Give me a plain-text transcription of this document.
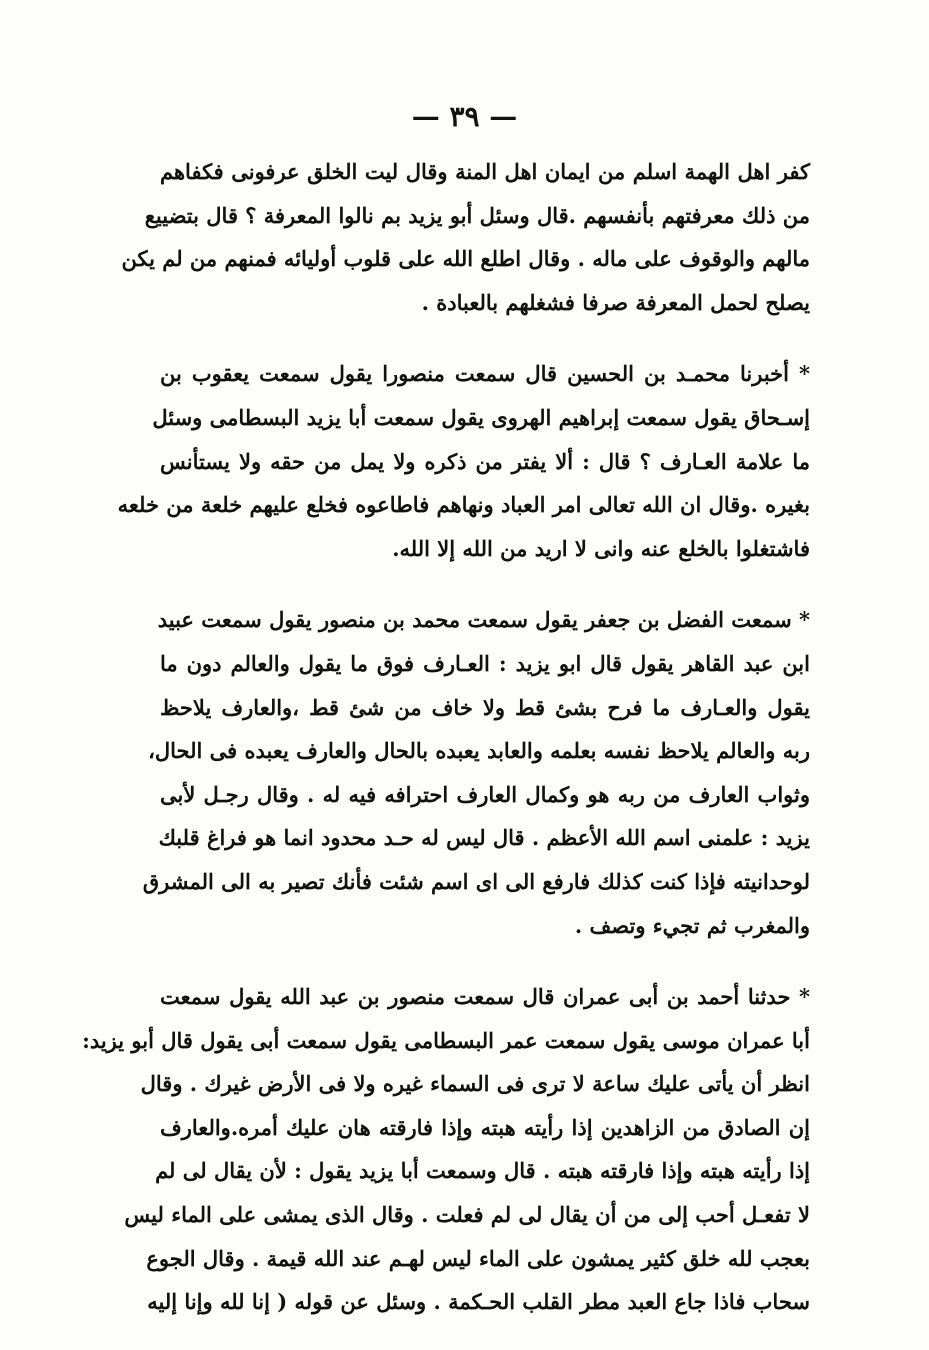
— ٣٩ —
كفر اهل الهمة اسلم من ايمان اهل المنة وقال ليت الخلق عرفونى فكفاهم
من ذلك معرفتهم بأنفسهم .قال وسئل أبو يزيد بم نالوا المعرفة ؟ قال بتضييع
مالهم والوقوف على ماله . وقال اطلع الله على قلوب أوليائه فمنهم من لم يكن
يصلح لحمل المعرفة صرفا فشغلهم بالعبادة .
* أخبرنا محمـد بن الحسين قال سمعت منصورا يقول سمعت يعقوب بن
إسـحاق يقول سمعت إبراهيم الهروى يقول سمعت أبا يزيد البسطامى وسئل
ما علامة العـارف ؟ قال : ألا يفتر من ذكره ولا يمل من حقه ولا يستأنس
بغيره .وقال ان الله تعالى امر العباد ونهاهم فاطاعوه فخلع عليهم خلعة من خلعه
فاشتغلوا بالخلع عنه وانى لا اريد من الله إلا الله.
* سمعت الفضل بن جعفر يقول سمعت محمد بن منصور يقول سمعت عبيد
ابن عبد القاهر يقول قال ابو يزيد : العـارف فوق ما يقول والعالم دون ما
يقول والعـارف ما فرح بشئ قط ولا خاف من شئ قط ،والعارف يلاحظ
ربه والعالم يلاحظ نفسه بعلمه والعابد يعبده بالحال والعارف يعبده فى الحال،
وثواب العارف من ربه هو وكمال العارف احترافه فيه له . وقال رجـل لأبى
يزيد : علمنى اسم الله الأعظم . قال ليس له حـد محدود انما هو فراغ قلبك
لوحدانيته فإذا كنت كذلك فارفع الى اى اسم شئت فأنك تصير به الى المشرق
والمغرب ثم تجيء وتصف .
* حدثنا أحمد بن أبى عمران قال سمعت منصور بن عبد الله يقول سمعت
أبا عمران موسى يقول سمعت عمر البسطامى يقول سمعت أبى يقول قال أبو يزيد:
انظر أن يأتى عليك ساعة لا ترى فى السماء غيره ولا فى الأرض غيرك . وقال
إن الصادق من الزاهدين إذا رأيته هبته وإذا فارقته هان عليك أمره.والعارف
إذا رأيته هبته وإذا فارقته هبته . قال وسمعت أبا يزيد يقول : لأن يقال لى لم
لا تفعـل أحب إلى من أن يقال لى لم فعلت . وقال الذى يمشى على الماء ليس
بعجب لله خلق كثير يمشون على الماء ليس لهـم عند الله قيمة . وقال الجوع
سحاب فاذا جاع العبد مطر القلب الحـكمة . وسئل عن قوله ( إنا لله وإنا إليه
